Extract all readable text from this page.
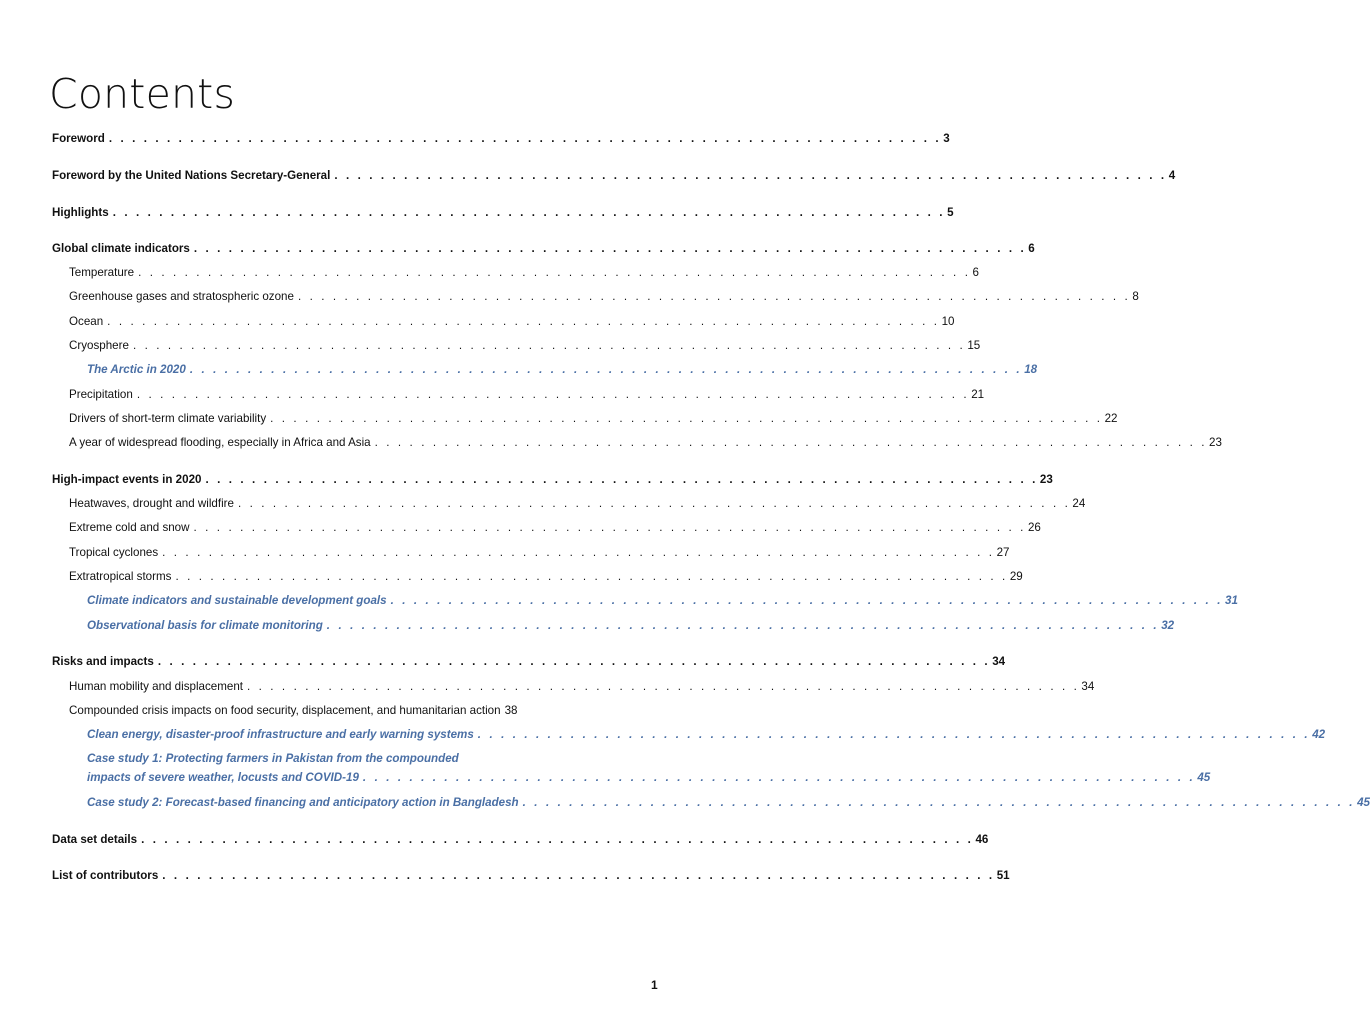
Contents
Foreword . . .	3
Foreword by the United Nations Secretary-General . . .	4
Highlights . . .	5
Global climate indicators . . .	6
Temperature . . .	6
Greenhouse gases and stratospheric ozone . . .	8
Ocean . . .	10
Cryosphere . . .	15
The Arctic in 2020 . . .	18
Precipitation . . .	21
Drivers of short-term climate variability . . .	22
A year of widespread flooding, especially in Africa and Asia . . .	23
High-impact events in 2020 . . .	23
Heatwaves, drought and wildfire . . .	24
Extreme cold and snow . . .	26
Tropical cyclones . . .	27
Extratropical storms . . .	29
Climate indicators and sustainable development goals . . .	31
Observational basis for climate monitoring . . .	32
Risks and impacts . . .	34
Human mobility and displacement . . .	34
Compounded crisis impacts on food security, displacement, and humanitarian action 38
Clean energy, disaster-proof infrastructure and early warning systems . . .	42
Case study 1: Protecting farmers in Pakistan from the compounded
impacts of severe weather, locusts and COVID-19 . . .	45
Case study 2: Forecast-based financing and anticipatory action in Bangladesh . . .	45
Data set details . . .	46
List of contributors . . .	51
1
